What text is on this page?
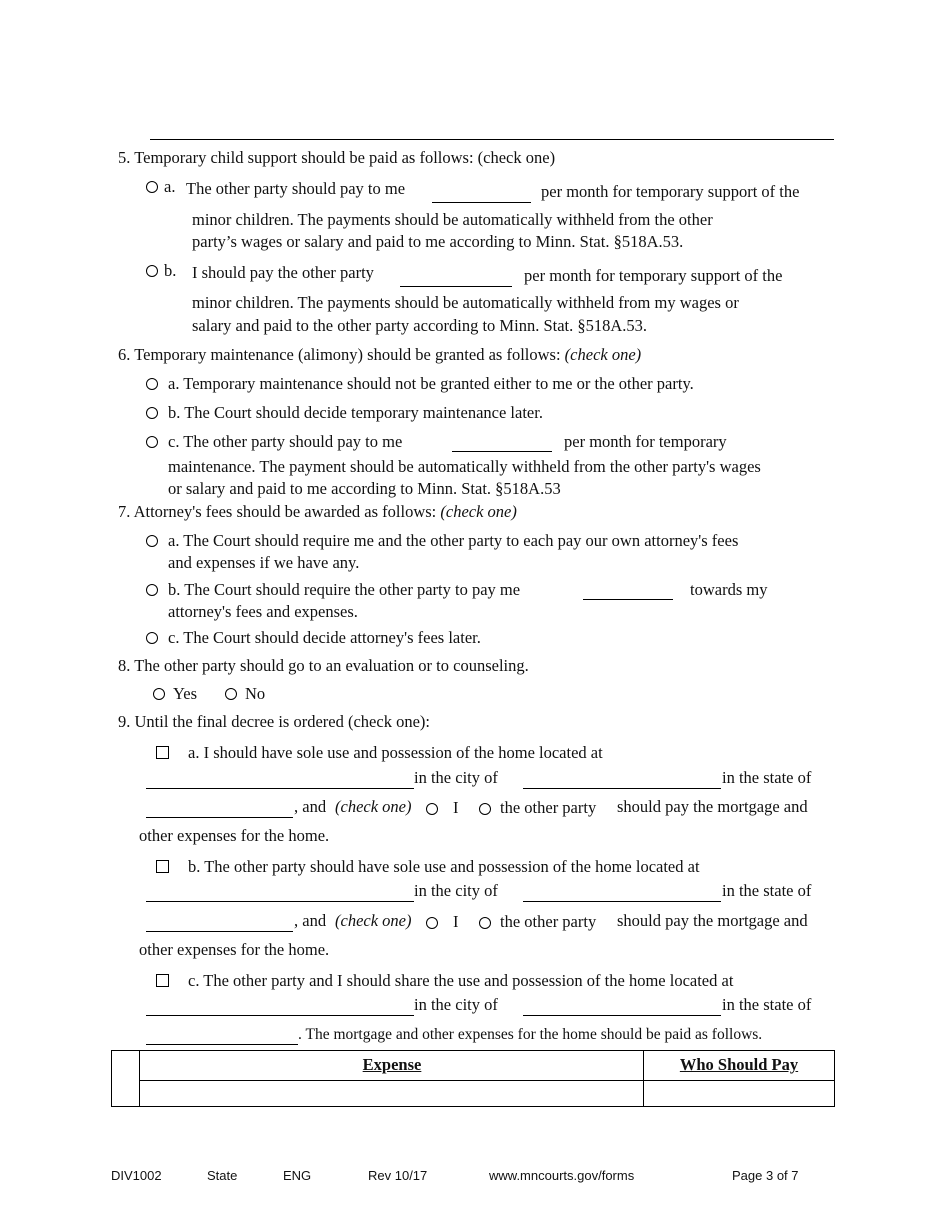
5. Temporary child support should be paid as follows: (check one)
a. The other party should pay to me	per month for temporary support of the
minor children. The payments should be automatically withheld from the other
party’s wages or salary and paid to me according to Minn. Stat. §518A.53.
b. I should pay the other party	per month for temporary support of the
minor children. The payments should be automatically withheld from my wages or
salary and paid to the other party according to Minn. Stat. §518A.53.
6. Temporary maintenance (alimony) should be granted as follows: (check one)
a. Temporary maintenance should not be granted either to me or the other party.
b. The Court should decide temporary maintenance later.
c. The other party should pay to me	per month for temporary
maintenance. The payment should be automatically withheld from the other party's wages
or salary and paid to me according to Minn. Stat. §518A.53
7. Attorney's fees should be awarded as follows: (check one)
a. The Court should require me and the other party to each pay our own attorney's fees
and expenses if we have any.
b. The Court should require the other party to pay me	towards my
attorney's fees and expenses.
c. The Court should decide attorney's fees later.
8. The other party should go to an evaluation or to counseling.
Yes	No
9. Until the final decree is ordered (check one):
a. I should have sole use and possession of the home located at
in the city of	in the state of
, and (check one)	I	the other party should pay the mortgage and
other expenses for the home.
b. The other party should have sole use and possession of the home located at
in the city of	in the state of
, and (check one)	I	the other party should pay the mortgage and
other expenses for the home.
c. The other party and I should share the use and possession of the home located at
in the city of	in the state of
. The mortgage and other expenses for the home should be paid as follows.
Expense	Who Should Pay
DIV1002	State	ENG	Rev 10/17	www.mncourts.gov/forms	Page 3 of 7
